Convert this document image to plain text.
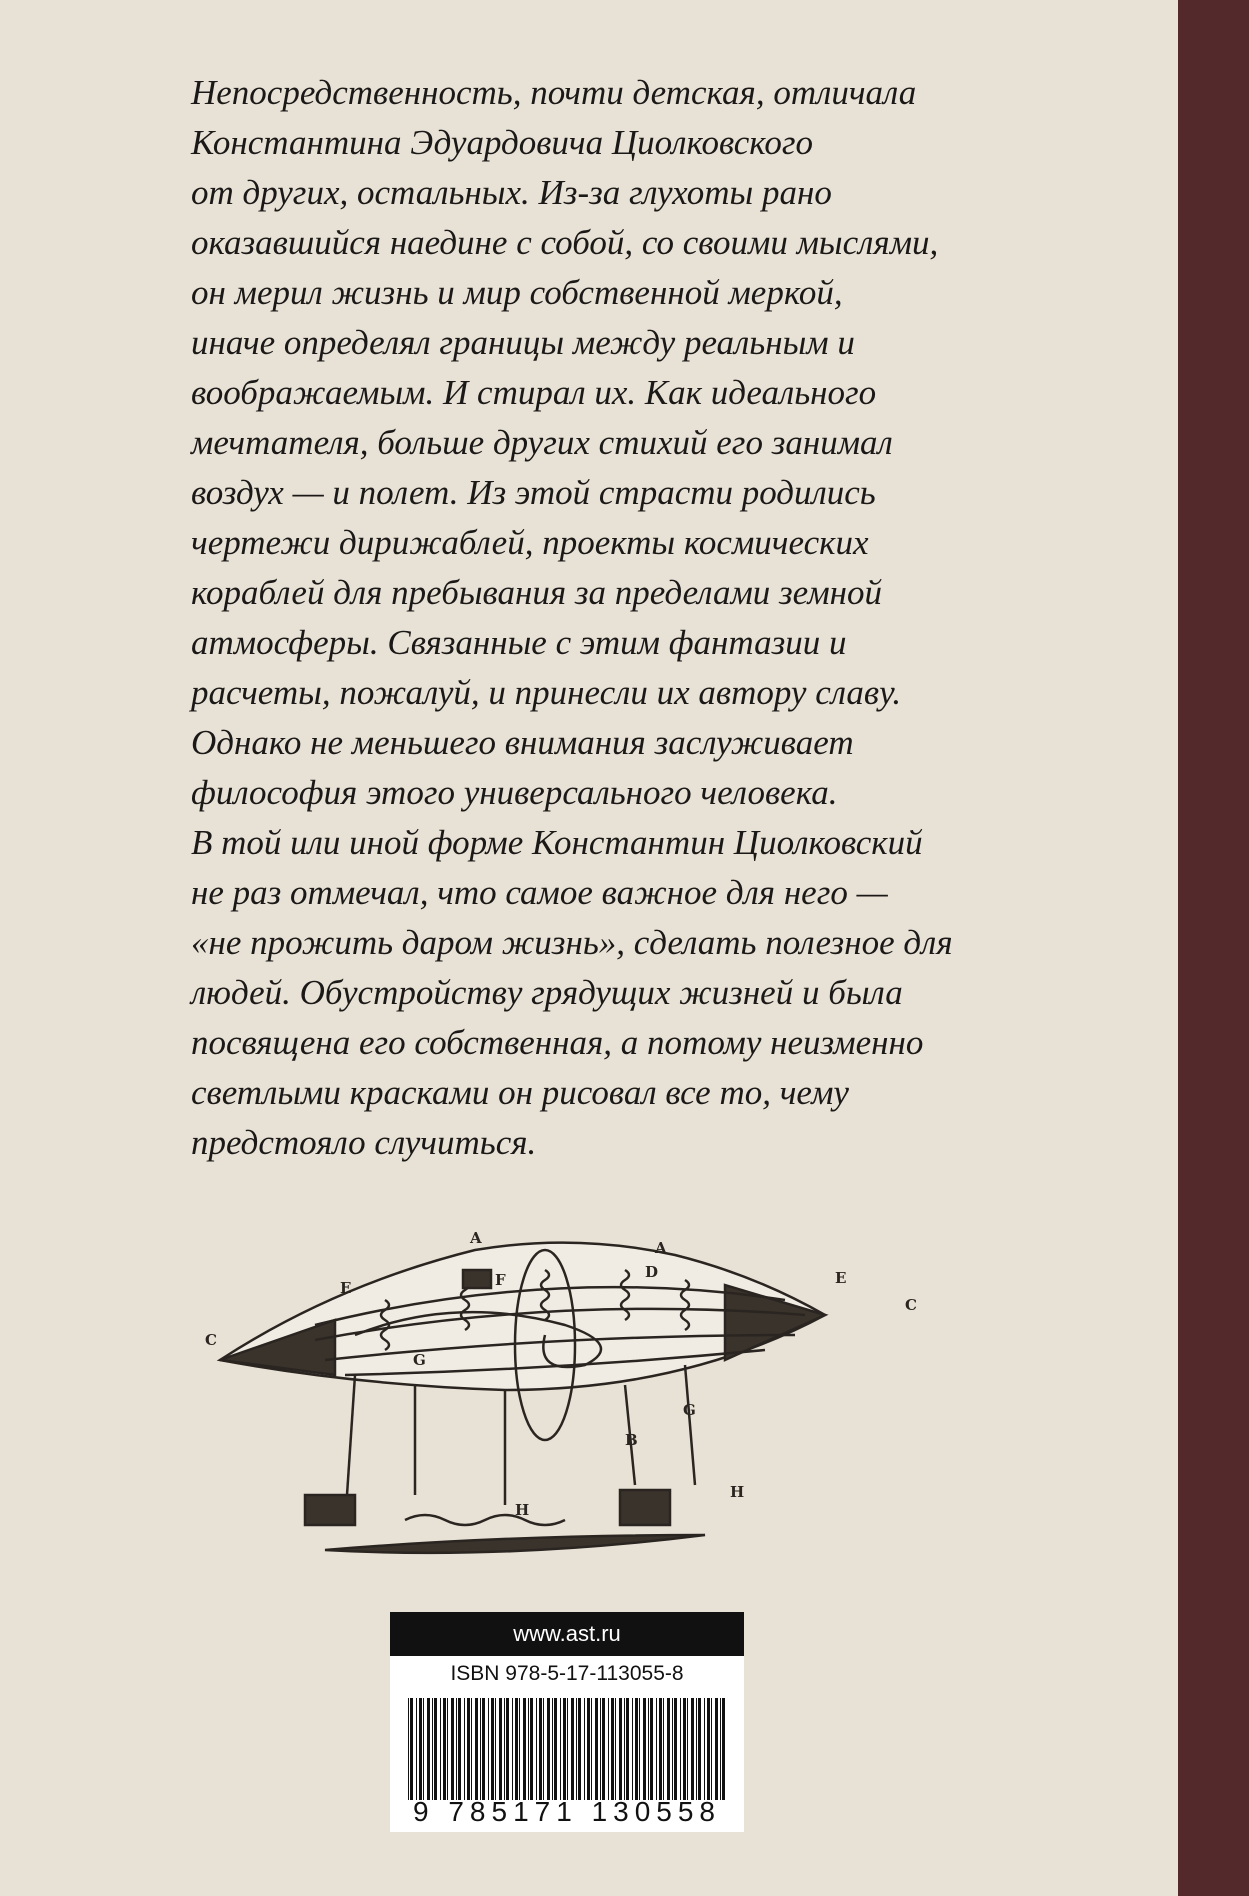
Непосредственность, почти детская, отличала
Константина Эдуардовича Циолковского
от других, остальных. Из-за глухоты рано
оказавшийся наедине с собой, со своими мыслями,
он мерил жизнь и мир собственной меркой,
иначе определял границы между реальным и
воображаемым. И стирал их. Как идеального
мечтателя, больше других стихий его занимал
воздух — и полет. Из этой страсти родились
чертежи дирижаблей, проекты космических
кораблей для пребывания за пределами земной
атмосферы. Связанные с этим фантазии и
расчеты, пожалуй, и принесли их автору славу.
Однако не меньшего внимания заслуживает
философия этого универсального человека.
В той или иной форме Константин Циолковский
не раз отмечал, что самое важное для него —
«не прожить даром жизнь», сделать полезное для
людей. Обустройству грядущих жизней и была
посвящена его собственная, а потому неизменно
светлыми красками он рисовал все то, чему
предстояло случиться.
A
A
C
C
E
E
F	D
G
G
B
H
H
www.ast.ru
ISBN 978-5-17-113055-8
9 785171 130558
